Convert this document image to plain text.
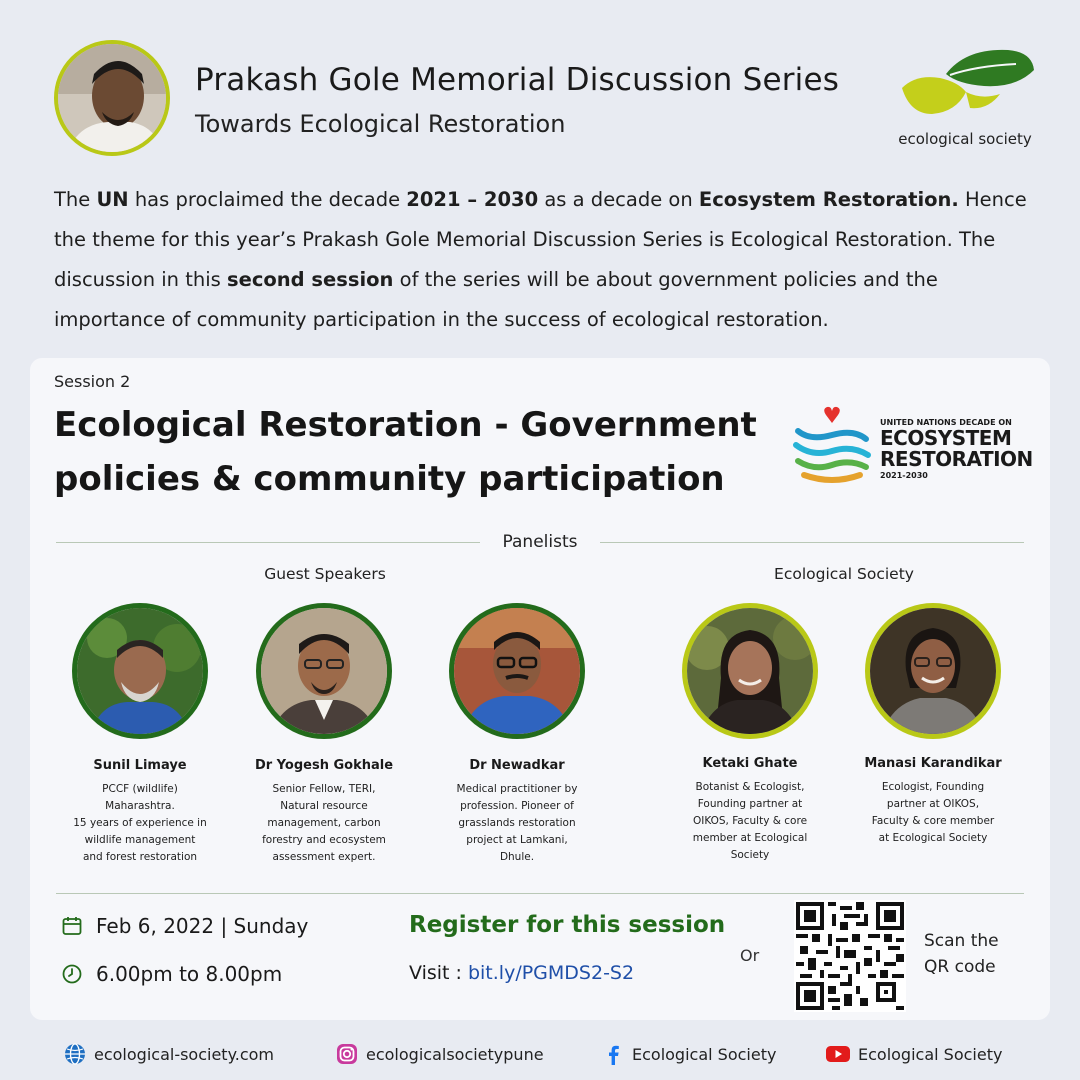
Prakash Gole Memorial Discussion Series
Towards Ecological Restoration
ecological society
The UN has proclaimed the decade 2021 – 2030 as a decade on Ecosystem Restoration. Hence the theme for this year’s Prakash Gole Memorial Discussion Series is Ecological Restoration. The discussion in this second session of the series will be about government policies and the importance of community participation in the success of ecological restoration.
Session 2
Ecological Restoration - Government
policies & community participation
UNITED NATIONS DECADE ON
ECOSYSTEM
RESTORATION
2021-2030
Panelists
Guest Speakers	Ecological Society
Sunil Limaye
PCCF (wildlife)
Maharashtra.
15 years of experience in
wildlife management
and forest restoration
Dr Yogesh Gokhale
Senior Fellow, TERI,
Natural resource
management, carbon
forestry and ecosystem
assessment expert.
Dr Newadkar
Medical practitioner by
profession. Pioneer of
grasslands restoration
project at Lamkani,
Dhule.
Ketaki Ghate
Botanist & Ecologist,
Founding partner at
OIKOS, Faculty & core
member at Ecological
Society
Manasi Karandikar
Ecologist, Founding
partner at OIKOS,
Faculty & core member
at Ecological Society
Feb 6, 2022 | Sunday
6.00pm to 8.00pm
Register for this session
Visit : bit.ly/PGMDS2-S2
Or
Scan the
QR code
ecological-society.com	ecologicalsocietypune	Ecological Society	Ecological Society
